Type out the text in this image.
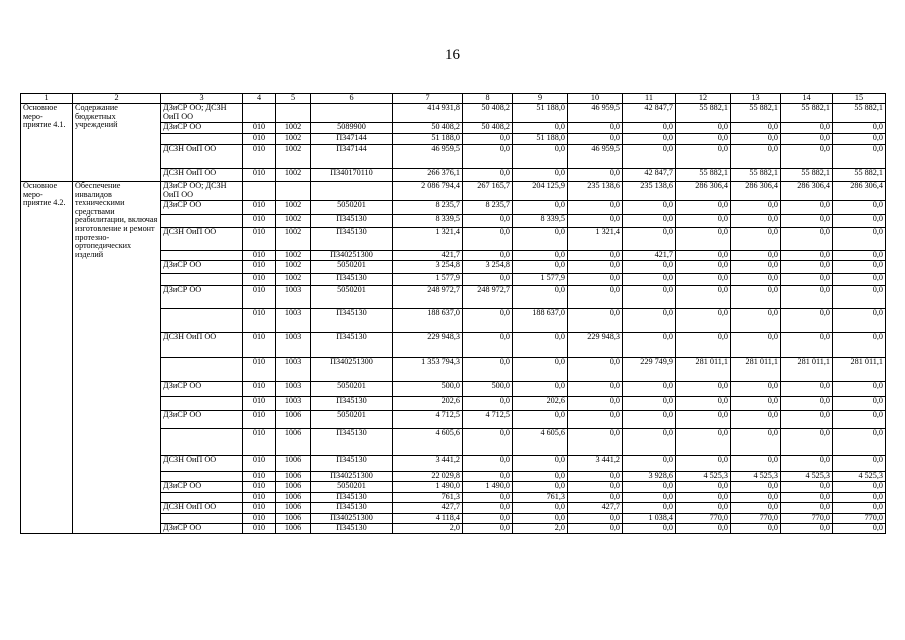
16
1	2	3	4	5	6	7	8	9	10	11	12	13	14	15
Основное меро-приятие 4.1.	Содержание бюджетных учреждений	ДЗиСР ОО; ДСЗН ОиП ОО				414 931,8	50 408,2	51 188,0	46 959,5	42 847,7	55 882,1	55 882,1	55 882,1	55 882,1
		ДЗиСР ОО	010	1002	5089900	50 408,2	50 408,2	0,0	0,0	0,0	0,0	0,0	0,0	0,0
			010	1002	П347144	51 188,0	0,0	51 188,0	0,0	0,0	0,0	0,0	0,0	0,0
		ДСЗН ОиП ОО	010	1002	П347144	46 959,5	0,0	0,0	46 959,5	0,0	0,0	0,0	0,0	0,0
		ДСЗН ОиП ОО	010	1002	П340170110	266 376,1	0,0	0,0	0,0	42 847,7	55 882,1	55 882,1	55 882,1	55 882,1
Основное меро-приятие 4.2.	Обеспечение инвалидов техническими средствами реабилитации, включая изготовление и ремонт протезно-ортопедических изделий	ДЗиСР ОО; ДСЗН ОиП ОО				2 086 794,4	267 165,7	204 125,9	235 138,6	235 138,6	286 306,4	286 306,4	286 306,4	286 306,4
		ДЗиСР ОО	010	1002	5050201	8 235,7	8 235,7	0,0	0,0	0,0	0,0	0,0	0,0	0,0
			010	1002	П345130	8 339,5	0,0	8 339,5	0,0	0,0	0,0	0,0	0,0	0,0
		ДСЗН ОиП ОО	010	1002	П345130	1 321,4	0,0	0,0	1 321,4	0,0	0,0	0,0	0,0	0,0
			010	1002	П340251300	421,7	0,0	0,0	0,0	421,7	0,0	0,0	0,0	0,0
		ДЗиСР ОО	010	1002	5050201	3 254,8	3 254,8	0,0	0,0	0,0	0,0	0,0	0,0	0,0
			010	1002	П345130	1 577,9	0,0	1 577,9	0,0	0,0	0,0	0,0	0,0	0,0
		ДЗиСР ОО	010	1003	5050201	248 972,7	248 972,7	0,0	0,0	0,0	0,0	0,0	0,0	0,0
			010	1003	П345130	188 637,0	0,0	188 637,0	0,0	0,0	0,0	0,0	0,0	0,0
		ДСЗН ОиП ОО	010	1003	П345130	229 948,3	0,0	0,0	229 948,3	0,0	0,0	0,0	0,0	0,0
			010	1003	П340251300	1 353 794,3	0,0	0,0	0,0	229 749,9	281 011,1	281 011,1	281 011,1	281 011,1
		ДЗиСР ОО	010	1003	5050201	500,0	500,0	0,0	0,0	0,0	0,0	0,0	0,0	0,0
			010	1003	П345130	202,6	0,0	202,6	0,0	0,0	0,0	0,0	0,0	0,0
		ДЗиСР ОО	010	1006	5050201	4 712,5	4 712,5	0,0	0,0	0,0	0,0	0,0	0,0	0,0
			010	1006	П345130	4 605,6	0,0	4 605,6	0,0	0,0	0,0	0,0	0,0	0,0
		ДСЗН ОиП ОО	010	1006	П345130	3 441,2	0,0	0,0	3 441,2	0,0	0,0	0,0	0,0	0,0
			010	1006	П340251300	22 029,8	0,0	0,0	0,0	3 928,6	4 525,3	4 525,3	4 525,3	4 525,3
		ДЗиСР ОО	010	1006	5050201	1 490,0	1 490,0	0,0	0,0	0,0	0,0	0,0	0,0	0,0
			010	1006	П345130	761,3	0,0	761,3	0,0	0,0	0,0	0,0	0,0	0,0
		ДСЗН ОиП ОО	010	1006	П345130	427,7	0,0	0,0	427,7	0,0	0,0	0,0	0,0	0,0
			010	1006	П340251300	4 118,4	0,0	0,0	0,0	1 038,4	770,0	770,0	770,0	770,0
		ДЗиСР ОО	010	1006	П345130	2,0	0,0	2,0	0,0	0,0	0,0	0,0	0,0	0,0
